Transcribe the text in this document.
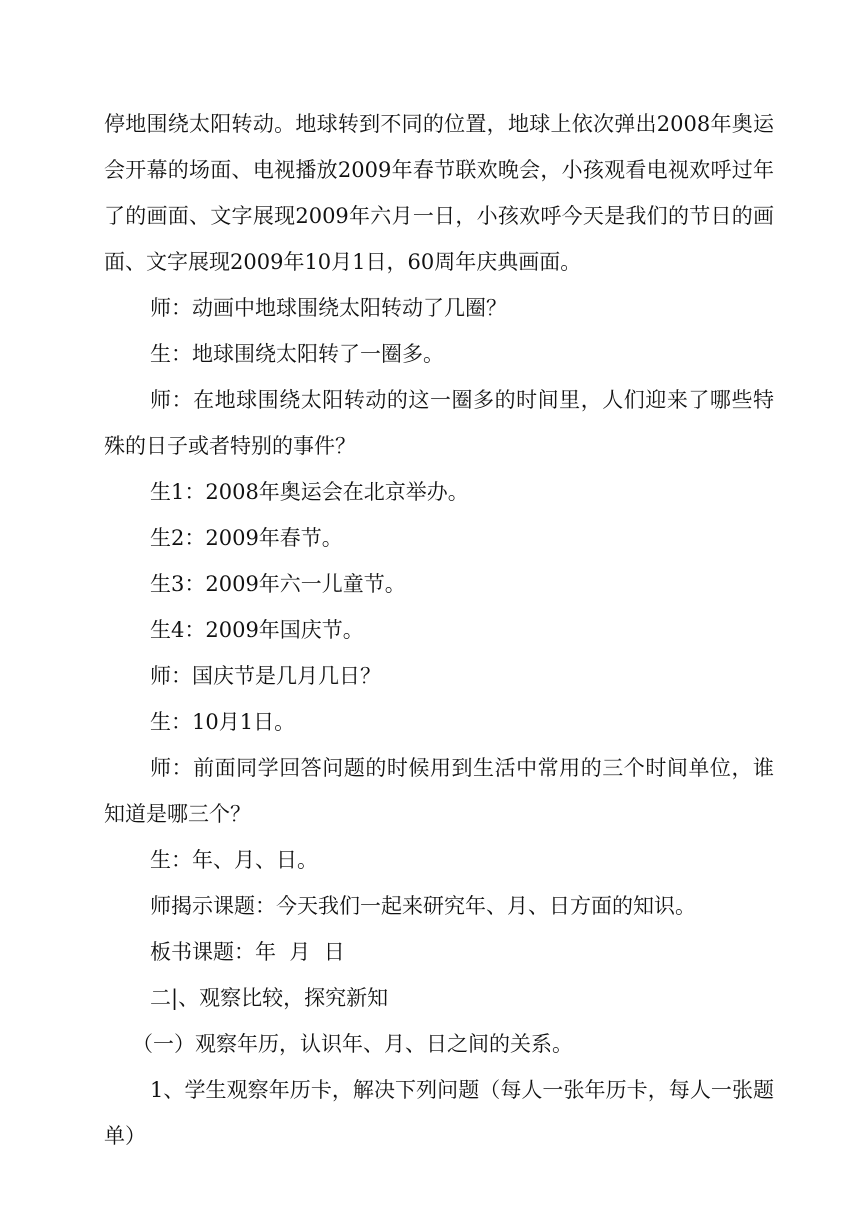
停地围绕太阳转动。地球转到不同的位置，地球上依次弹出2008年奥运会开幕的场面、电视播放2009年春节联欢晚会，小孩观看电视欢呼过年了的画面、文字展现2009年六月一日，小孩欢呼今天是我们的节日的画面、文字展现2009年10月1日，60周年庆典画面。

师：动画中地球围绕太阳转动了几圈？

生：地球围绕太阳转了一圈多。

师：在地球围绕太阳转动的这一圈多的时间里，人们迎来了哪些特殊的日子或者特别的事件？

生1：2008年奥运会在北京举办。

生2：2009年春节。

生3：2009年六一儿童节。

生4：2009年国庆节。

师：国庆节是几月几日？

生：10月1日。

师：前面同学回答问题的时候用到生活中常用的三个时间单位，谁知道是哪三个？

生：年、月、日。

师揭示课题：今天我们一起来研究年、月、日方面的知识。

板书课题：年  月  日

二|、观察比较，探究新知

（一）观察年历，认识年、月、日之间的关系。

1、学生观察年历卡，解决下列问题（每人一张年历卡，每人一张题单）
